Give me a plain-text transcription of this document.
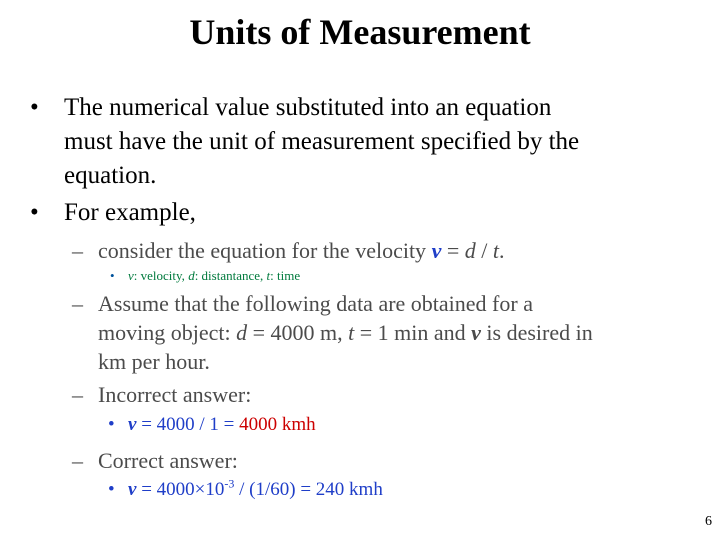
Units of Measurement
• The numerical value substituted into an equation
must have the unit of measurement specified by the
equation.
• For example,
– consider the equation for the velocity v = d / t.
• v: velocity, d: distantance, t: time
– Assume that the following data are obtained for a
moving object: d = 4000 m, t = 1 min and v is desired in
km per hour.
– Incorrect answer:
• v = 4000 / 1 = 4000 kmh
– Correct answer:
• $v = 4000\times 10^{-3} / (1/60) = 240$ kmh
6
